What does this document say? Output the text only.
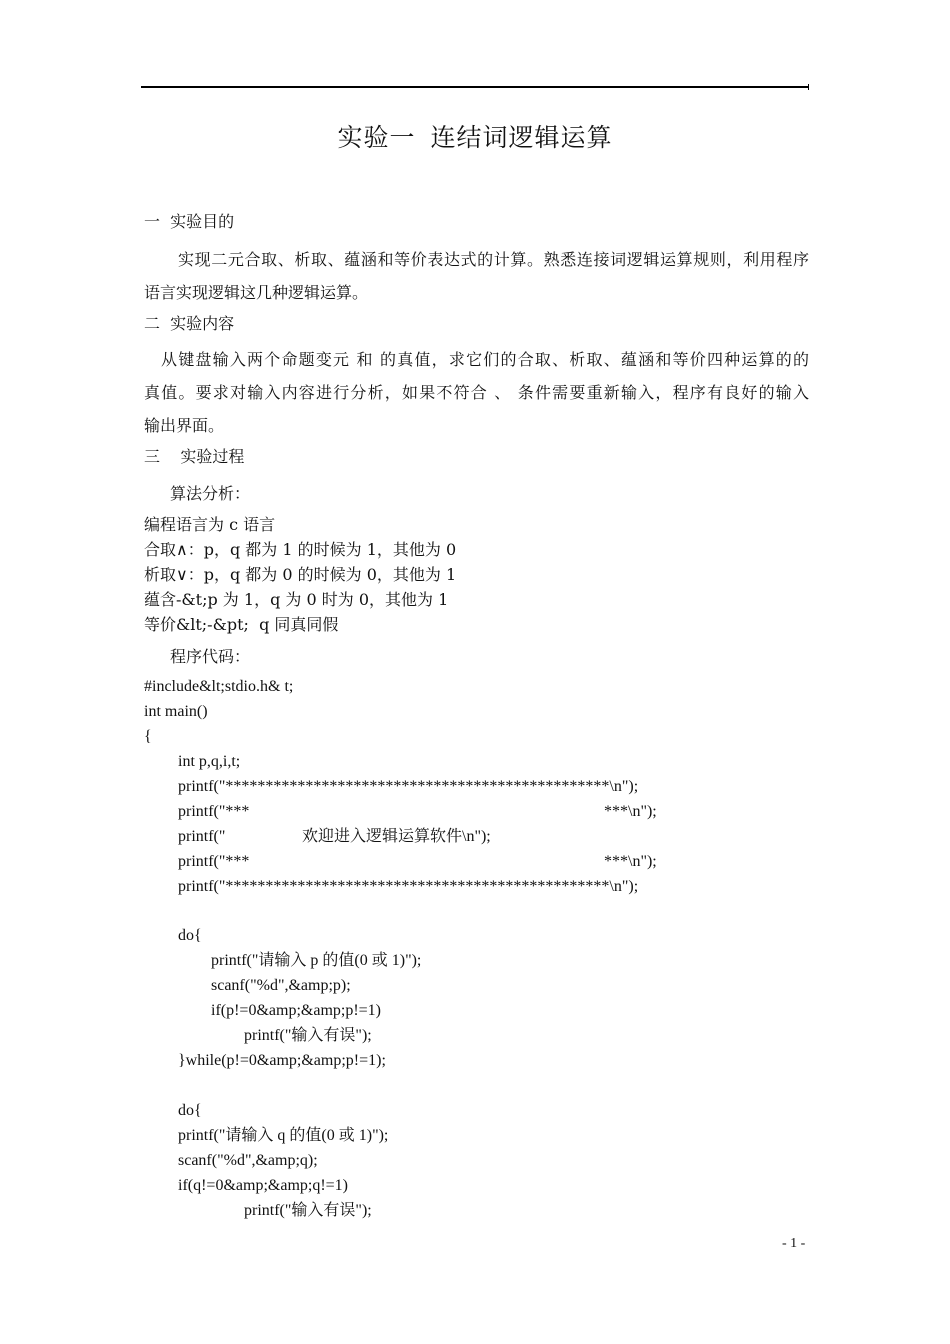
实验一 连结词逻辑运算
一  实验目的
实现二元合取、析取、蕴涵和等价表达式的计算。熟悉连接词逻辑运算规则，利用程序
语言实现逻辑这几种逻辑运算。
二  实验内容
从键盘输入两个命题变元 和 的真值，求它们的合取、析取、蕴涵和等价四种运算的的
真值。要求对输入内容进行分析，如果不符合 、 条件需要重新输入，程序有良好的输入
输出界面。
三    实验过程
算法分析：
编程语言为 c 语言
合取∧：p，q 都为 1 的时候为 1，其他为 0
析取∨：p，q 都为 0 的时候为 0，其他为 1
蕴含-&t;p 为 1，q 为 0 时为 0，其他为 1
等价&lt;-&pt;  q 同真同假
程序代码：
#include&lt;stdio.h& t;
int main()
{
int p,q,i,t;
printf("************************************************\n");
printf("***	***\n");
printf("	欢迎进入逻辑运算软件\n");
printf("***	***\n");
printf("************************************************\n");
do{
printf("请输入 p 的值(0 或 1)");
scanf("%d",&amp;p);
if(p!=0&amp;&amp;p!=1)
printf("输入有误");
}while(p!=0&amp;&amp;p!=1);
do{
printf("请输入 q 的值(0 或 1)");
scanf("%d",&amp;q);
if(q!=0&amp;&amp;q!=1)
printf("输入有误");
- 1 -
